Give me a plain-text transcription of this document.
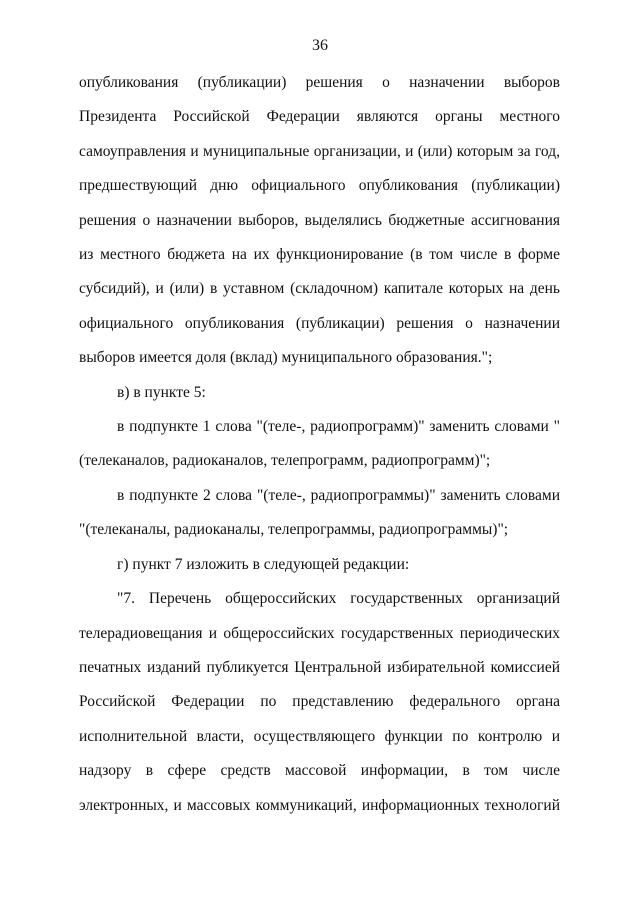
36

опубликования (публикации) решения о назначении выборов Президента Российской Федерации являются органы местного самоуправления и муниципальные организации, и (или) которым за год, предшествующий дню официального опубликования (публикации) решения о назначении выборов, выделялись бюджетные ассигнования из местного бюджета на их функционирование (в том числе в форме субсидий), и (или) в уставном (складочном) капитале которых на день официального опубликования (публикации) решения о назначении выборов имеется доля (вклад) муниципального образования.";

в) в пункте 5:

в подпункте 1 слова "(теле-, радиопрограмм)" заменить словами "(телеканалов, радиоканалов, телепрограмм, радиопрограмм)";

в подпункте 2 слова "(теле-, радиопрограммы)" заменить словами "(телеканалы, радиоканалы, телепрограммы, радиопрограммы)";

г) пункт 7 изложить в следующей редакции:

"7. Перечень общероссийских государственных организаций телерадиовещания и общероссийских государственных периодических печатных изданий публикуется Центральной избирательной комиссией Российской Федерации по представлению федерального органа исполнительной власти, осуществляющего функции по контролю и надзору в сфере средств массовой информации, в том числе электронных, и массовых коммуникаций, информационных технологий
